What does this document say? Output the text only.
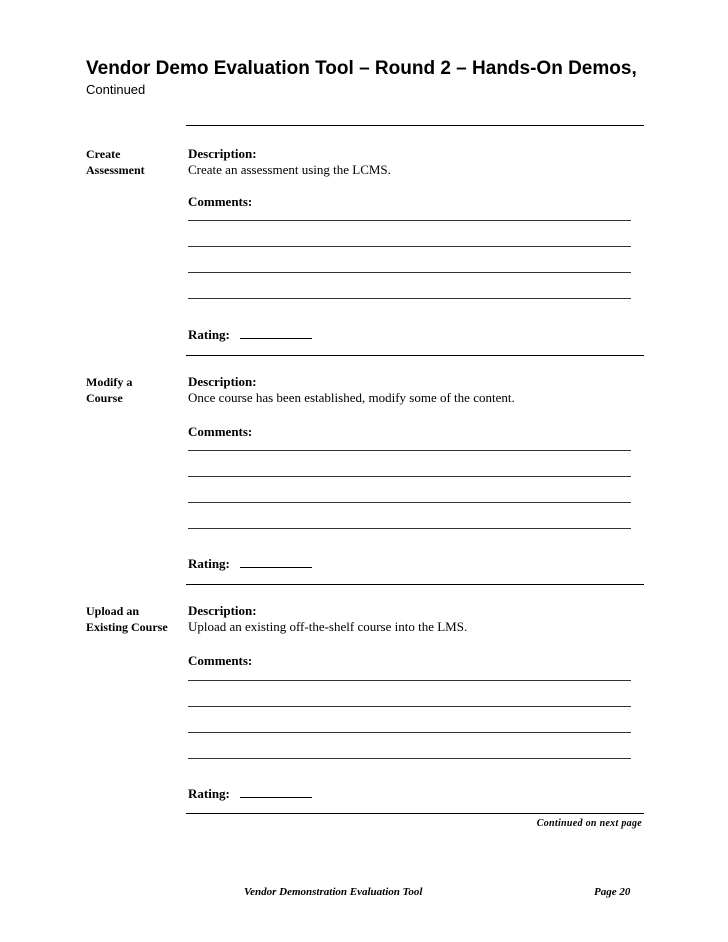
Vendor Demo Evaluation Tool – Round 2 – Hands-On Demos,
Continued
Create
Assessment
Description:
Create an assessment using the LCMS.
Comments:
Rating:
Modify a
Course
Description:
Once course has been established, modify some of the content.
Comments:
Rating:
Upload an
Existing Course
Description:
Upload an existing off-the-shelf course into the LMS.
Comments:
Rating:
Continued on next page
Vendor Demonstration Evaluation Tool	Page 20
